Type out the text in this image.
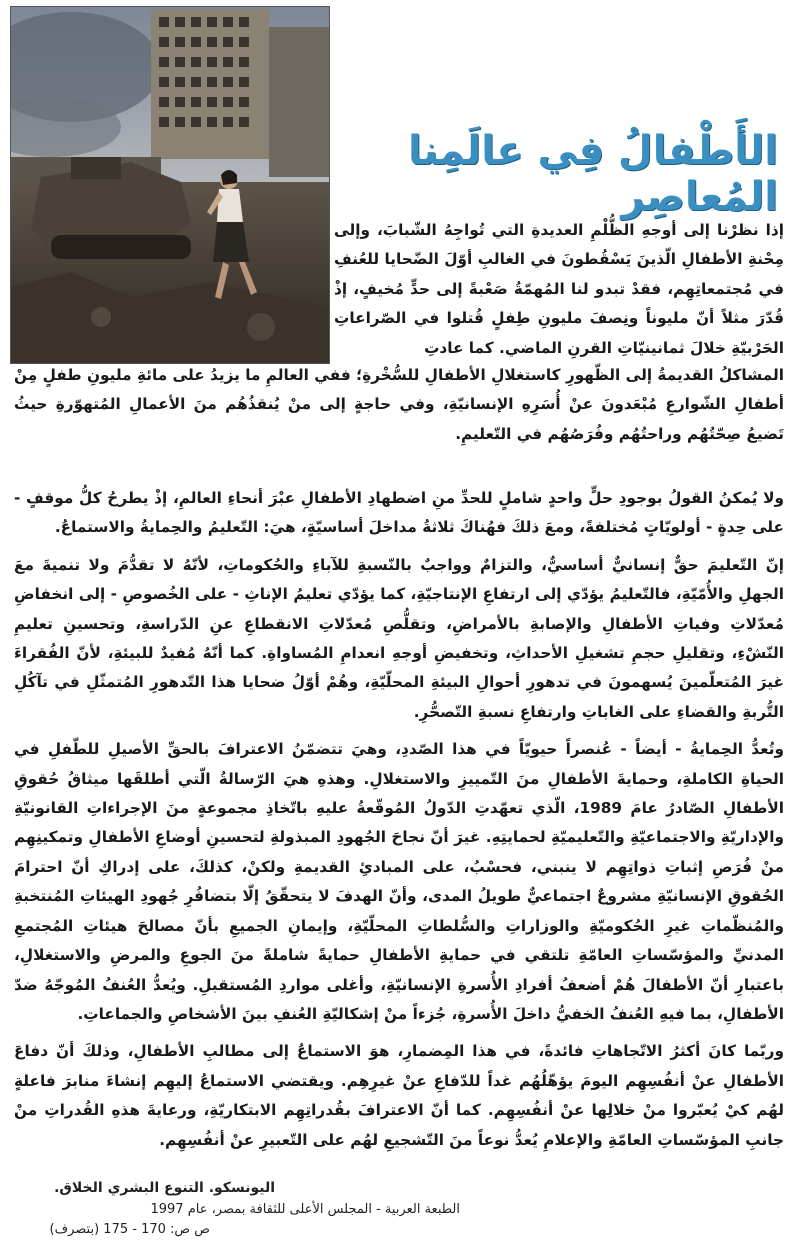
الأَطْفالُ فِي عالَمِنا المُعاصِر

إذا نظرْنا إلى أوجهِ الظُّلْمِ العديدةِ التي تُواجِهُ الشّبابَ، وإلى مِحْنةِ الأطفالِ الّذينَ يَسْقُطونَ في الغالبِ أوّلَ الضّحايا للعُنفِ في مُجتمعاتِهِم، فقدْ تبدو لنا المُهمّةُ صَعْبةً إلى حدٍّ مُخيفٍ، إذْ قُدّرَ مثلاً أنّ مليوناً ونِصفَ مليونِ طِفلٍ قُتلوا في الصّراعاتِ الحَرْبيّةِ خلالَ ثمانينيّاتِ القرنِ الماضي. كما عادتِ

المشاكلُ القديمةُ إلى الظّهورِ كاستغلالِ الأطفالِ للسُّخْرةِ؛ ففي العالمِ ما يزيدُ على مائةِ مليونِ طفلٍ مِنْ أطفالِ الشّوارعِ مُبْعَدونَ عنْ أُسَرِهِ الإنسانيّةِ، وفي حاجةٍ إلى منْ يُنقذُهُم منَ الأعمالِ المُتهوّرةِ حيثُ تَضيعُ صِحّتُهُم وراحتُهُم وفُرَصُهُم في التّعليمِ.

ولا يُمكنُ القولُ بوجودِ حلٍّ واحدٍ شاملٍ للحدِّ منِ اضطهادِ الأطفالِ عبْرَ أنحاءِ العالمِ، إذْ يطرحُ كلُّ موقفٍ - على حِدةٍ - أولويّاتٍ مُختلفةً، ومعَ ذلكَ فهُناكَ ثلاثةُ مداخلَ أساسيّةٍ، هيَ: التّعليمُ والحِمايةُ والاستماعُ.

إنّ التّعليمَ حقٌّ إنسانيٌّ أساسيٌّ، والتزامٌ وواجبٌ بالنّسبةِ للآباءِ والحُكوماتِ، لأنّهُ لا تقدُّمَ ولا تنميةَ معَ الجهلِ والأُمّيّةِ، فالتّعليمُ يؤدّي إلى ارتفاعِ الإنتاجيّةِ، كما يؤدّي تعليمُ الإناثِ - على الخُصوصِ - إلى انخفاضِ مُعدّلاتِ وفياتِ الأطفالِ والإصابةِ بالأمراضِ، وتقلُّصِ مُعدّلاتِ الانقطاعِ عنِ الدّراسةِ، وتحسينِ تعليمِ النّشْءِ، وتقليلِ حجمِ تشغيلِ الأحداثِ، وتخفيضِ أوجهِ انعدامِ المُساواةِ. كما أنّهُ مُفيدٌ للبيئةِ، لأنّ الفُقراءَ غيرَ المُتعلّمينَ يُسهمونَ في تدهورِ أحوالِ البيئةِ المحلّيّةِ، وهُمْ أوّلُ ضحايا هذا التّدهورِ المُتمثّلِ في تآكُلِ التُّربةِ والقضاءِ على الغاباتِ وارتفاعِ نسبةِ التّصحُّرِ.

وتُعدُّ الحِمايةُ - أيضاً - عُنصراً حيويّاً في هذا الصّددِ، وهيَ تتضمّنُ الاعترافَ بالحقِّ الأصيلِ للطّفلِ في الحياةِ الكاملةِ، وحمايةَ الأطفالِ منَ التّمييزِ والاستغلالِ. وهذهِ هيَ الرّسالةُ الّتي أطلقَها ميثاقُ حُقوقِ الأطفالِ الصّادرُ عامَ 1989، الّذي تعهّدتِ الدّولُ المُوقّعةُ عليهِ باتّخاذِ مجموعةٍ منَ الإجراءاتِ القانونيّةِ والإداريّةِ والاجتماعيّةِ والتّعليميّةِ لحمايتِهِ. غيرَ أنّ نجاحَ الجُهودِ المبذولةِ لتحسينِ أوضاعِ الأطفالِ وتمكينِهِم منْ فُرَصِ إثباتِ ذواتِهِم لا ينبني، فحسْبُ، على المبادئِ القديمةِ ولكنْ، كذلكَ، على إدراكِ أنّ احترامَ الحُقوقِ الإنسانيّةِ مشروعٌ اجتماعيٌّ طويلُ المدى، وأنّ الهدفَ لا يتحقّقُ إلّا بتضافُرِ جُهودِ الهيئاتِ المُنتخبةِ والمُنظّماتِ غيرِ الحُكوميّةِ والوزاراتِ والسُّلطاتِ المحلّيّةِ، وإيمانِ الجميعِ بأنّ مصالحَ هيئاتِ المُجتمعِ المدنيِّ والمؤسّساتِ العامّةِ تلتقي في حمايةِ الأطفالِ حمايةً شاملةً منَ الجوعِ والمرضِ والاستغلالِ، باعتبارِ أنّ الأطفالَ هُمْ أضعفُ أفرادِ الأُسرةِ الإنسانيّةِ، وأغلى مواردِ المُستقبلِ. ويُعدُّ العُنفُ المُوجّهُ ضدّ الأطفالِ، بما فيهِ العُنفُ الخفيُّ داخلَ الأُسرةِ، جُزءاً منْ إشكاليّةِ العُنفِ بينَ الأشخاصِ والجماعاتِ.

وربّما كانَ أكثرُ الاتّجاهاتِ فائدةً، في هذا المِضمارِ، هوَ الاستماعُ إلى مطالبِ الأطفالِ، وذلكَ أنّ دفاعَ الأطفالِ عنْ أنفُسِهِم اليومَ يؤهّلُهُم غداً للدّفاعِ عنْ غيرِهِم. ويقتضي الاستماعُ إليهِم إنشاءَ منابرَ فاعلةٍ لهُم كيْ يُعبّروا منْ خلالِها عنْ أنفُسِهِم. كما أنّ الاعترافَ بقُدراتِهِم الابتكاريّةِ، ورعايةَ هذهِ القُدراتِ منْ جانبِ المؤسّساتِ العامّةِ والإعلامِ يُعدُّ نوعاً منَ التّشجيعِ لهُم على التّعبيرِ عنْ أنفُسِهِم.

اليونسكو. التنوع البشري الخلاق.
الطبعة العربية - المجلس الأعلى للثقافة بمصر، عام 1997
ص ص: 170 - 175 (بتصرف)
